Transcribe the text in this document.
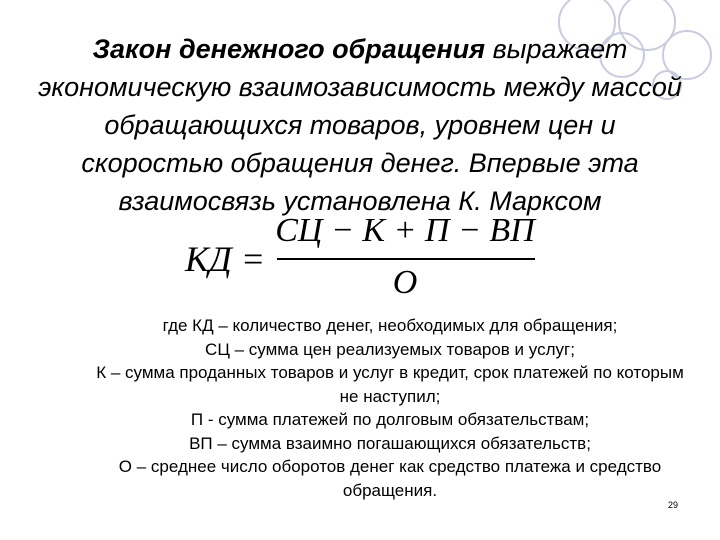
Закон денежного обращения выражает экономическую взаимозависимость между массой обращающихся товаров, уровнем цен и скоростью обращения денег. Впервые эта взаимосвязь установлена К. Марксом
КД =
СЦ − К + П − ВП
О
где КД – количество денег, необходимых для обращения;
СЦ – сумма цен реализуемых товаров и услуг;
К – сумма проданных товаров и услуг в кредит, срок платежей по которым не наступил;
П - сумма платежей по долговым обязательствам;
ВП – сумма взаимно погашающихся обязательств;
О – среднее число оборотов денег как средство платежа и средство обращения.
29
